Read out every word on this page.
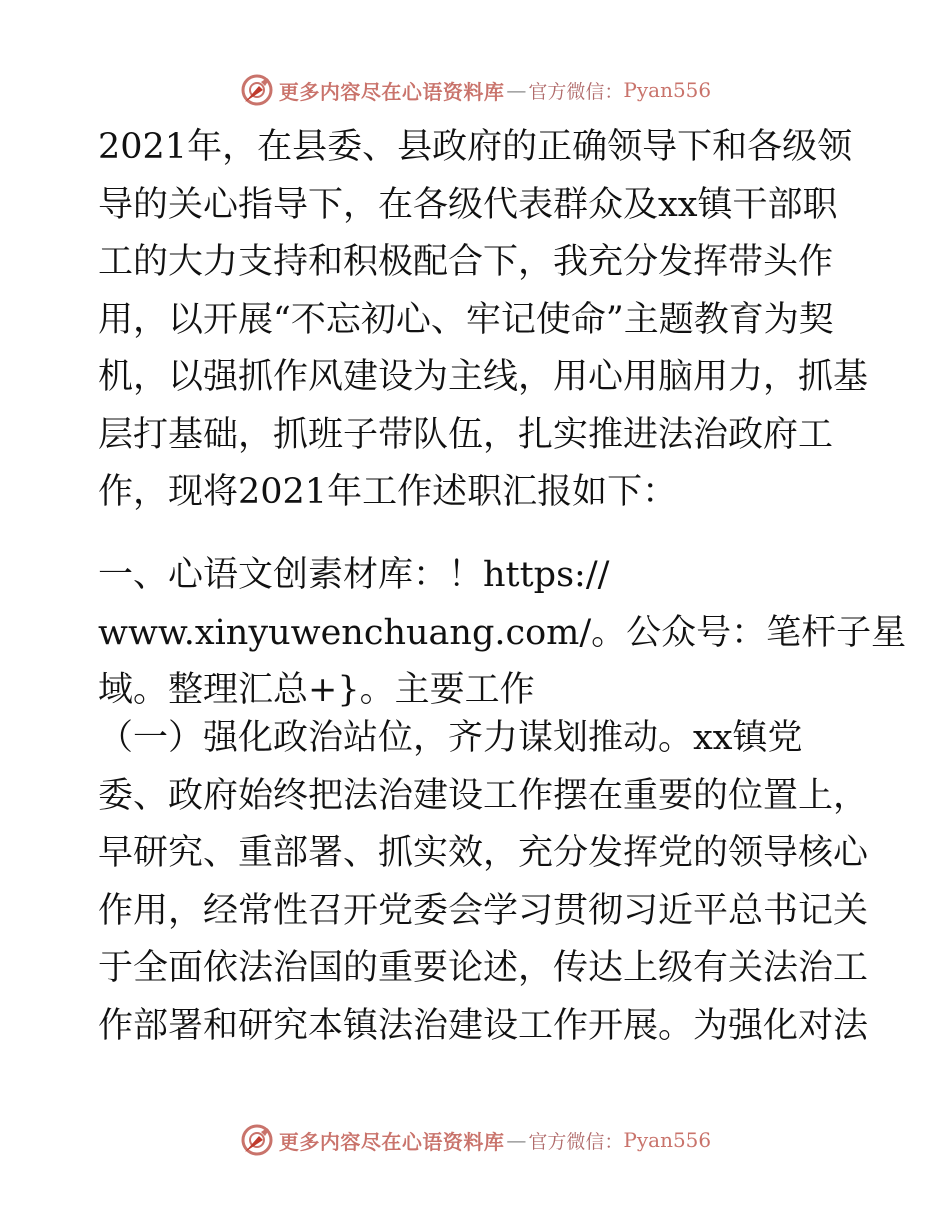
更多内容尽在心语资料库 — 官方微信： Pyan556
2021年，在县委、县政府的正确领导下和各级领
导的关心指导下，在各级代表群众及xx镇干部职
工的大力支持和积极配合下，我充分发挥带头作
用，以开展“不忘初心、牢记使命”主题教育为契
机，以强抓作风建设为主线，用心用脑用力，抓基
层打基础，抓班子带队伍，扎实推进法治政府工
作，现将2021年工作述职汇报如下：
一、心语文创素材库：！https://
www.xinyuwenchuang.com/。公众号：笔杆子星
域。整理汇总+}。主要工作
（一）强化政治站位，齐力谋划推动。xx镇党
委、政府始终把法治建设工作摆在重要的位置上，
早研究、重部署、抓实效，充分发挥党的领导核心
作用，经常性召开党委会学习贯彻习近平总书记关
于全面依法治国的重要论述，传达上级有关法治工
作部署和研究本镇法治建设工作开展。为强化对法
更多内容尽在心语资料库 — 官方微信： Pyan556
